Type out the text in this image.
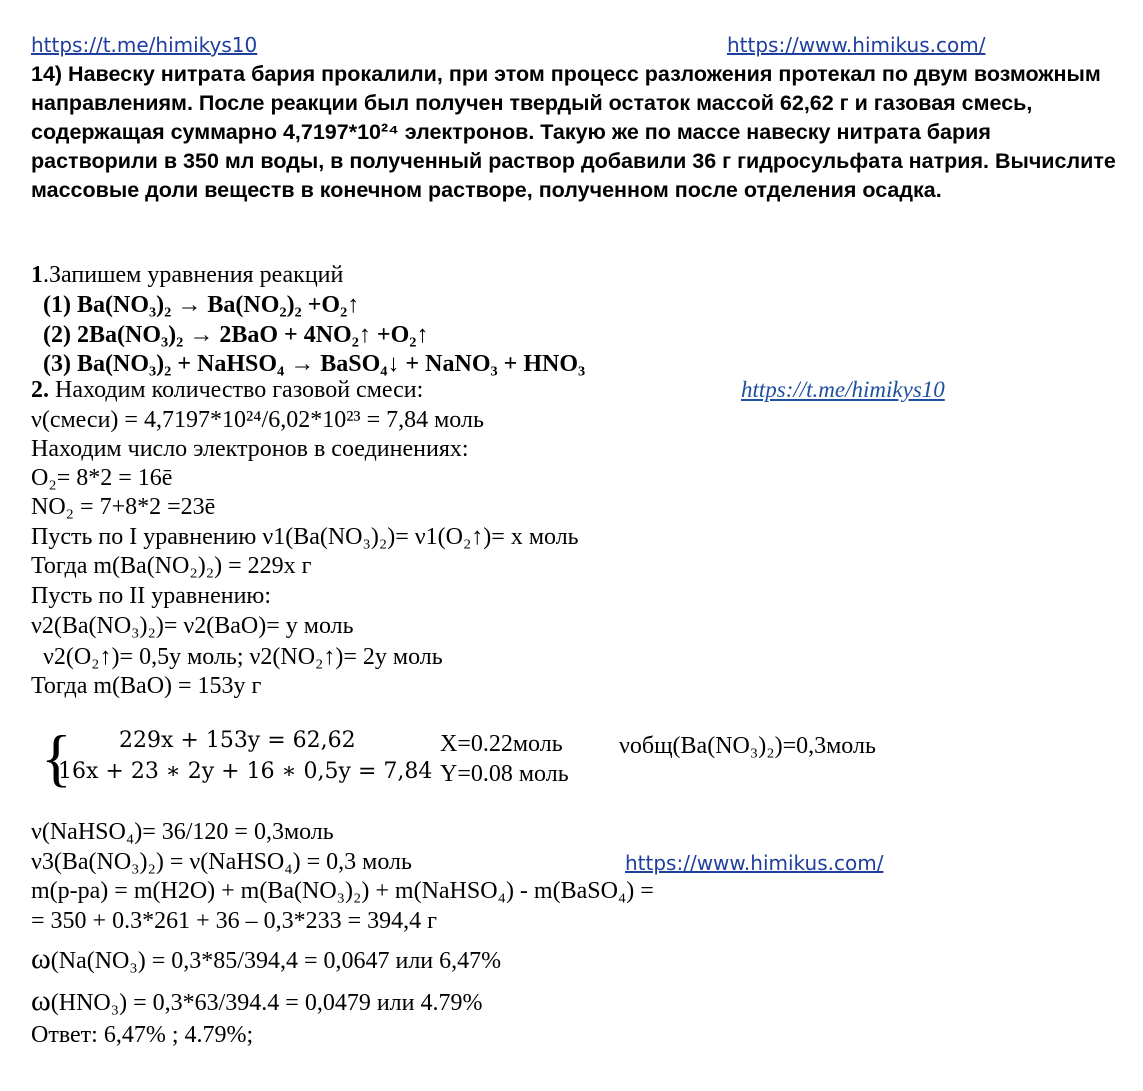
https://t.me/himikys10	https://www.himikus.com/
14) Навеску нитрата бария прокалили, при этом процесс разложения протекал по двум возможным направлениям. После реакции был получен твердый остаток массой 62,62 г и газовая смесь, содержащая суммарно 4,7197*10²⁴ электронов. Такую же по массе навеску нитрата бария растворили в 350 мл воды, в полученный раствор добавили 36 г гидросульфата натрия. Вычислите массовые доли веществ в конечном растворе, полученном после отделения осадка.
1.Запишем уравнения реакций
(1) Ba(NO₃)₂ → Ba(NO₂)₂ +O₂↑
(2) 2Ba(NO₃)₂ → 2BaO + 4NO₂↑ +O₂↑
(3) Ba(NO₃)₂ + NaHSO₄ → BaSO₄↓ + NaNO₃ + HNO₃
2. Находим количество газовой смеси:	https://t.me/himikys10
ν(смеси) = 4,7197*10²⁴/6,02*10²³ = 7,84 моль
Находим число электронов в соединениях:
O₂= 8*2 = 16ē
NO₂ = 7+8*2 =23ē
Пусть по I уравнению ν1(Ba(NO₃)₂)= ν1(O₂↑)= x моль
Тогда m(Ba(NO₂)₂) = 229x г
Пусть по II уравнению:
ν2(Ba(NO₃)₂)= ν2(BaO)= y моль
ν2(O₂↑)= 0,5y моль; ν2(NO₂↑)= 2y моль
Тогда m(BaO) = 153y г
{ 229x + 153y = 62,62
16x + 23 ∗ 2y + 16 ∗ 0,5y = 7,84
X=0.22моль
Y=0.08 моль
νобщ(Ba(NO₃)₂)=0,3моль
ν(NaHSO₄)= 36/120 = 0,3моль
ν3(Ba(NO₃)₂) = ν(NaHSO₄) = 0,3 моль	https://www.himikus.com/
m(р-ра) = m(H2O) + m(Ba(NO₃)₂) + m(NaHSO₄) - m(BaSO₄) =
= 350 + 0.3*261 + 36 – 0,3*233 = 394,4 г
ω(Na(NO₃) = 0,3*85/394,4 = 0,0647 или 6,47%
ω(HNO₃) = 0,3*63/394.4 = 0,0479 или 4.79%
Ответ: 6,47% ; 4.79%;
